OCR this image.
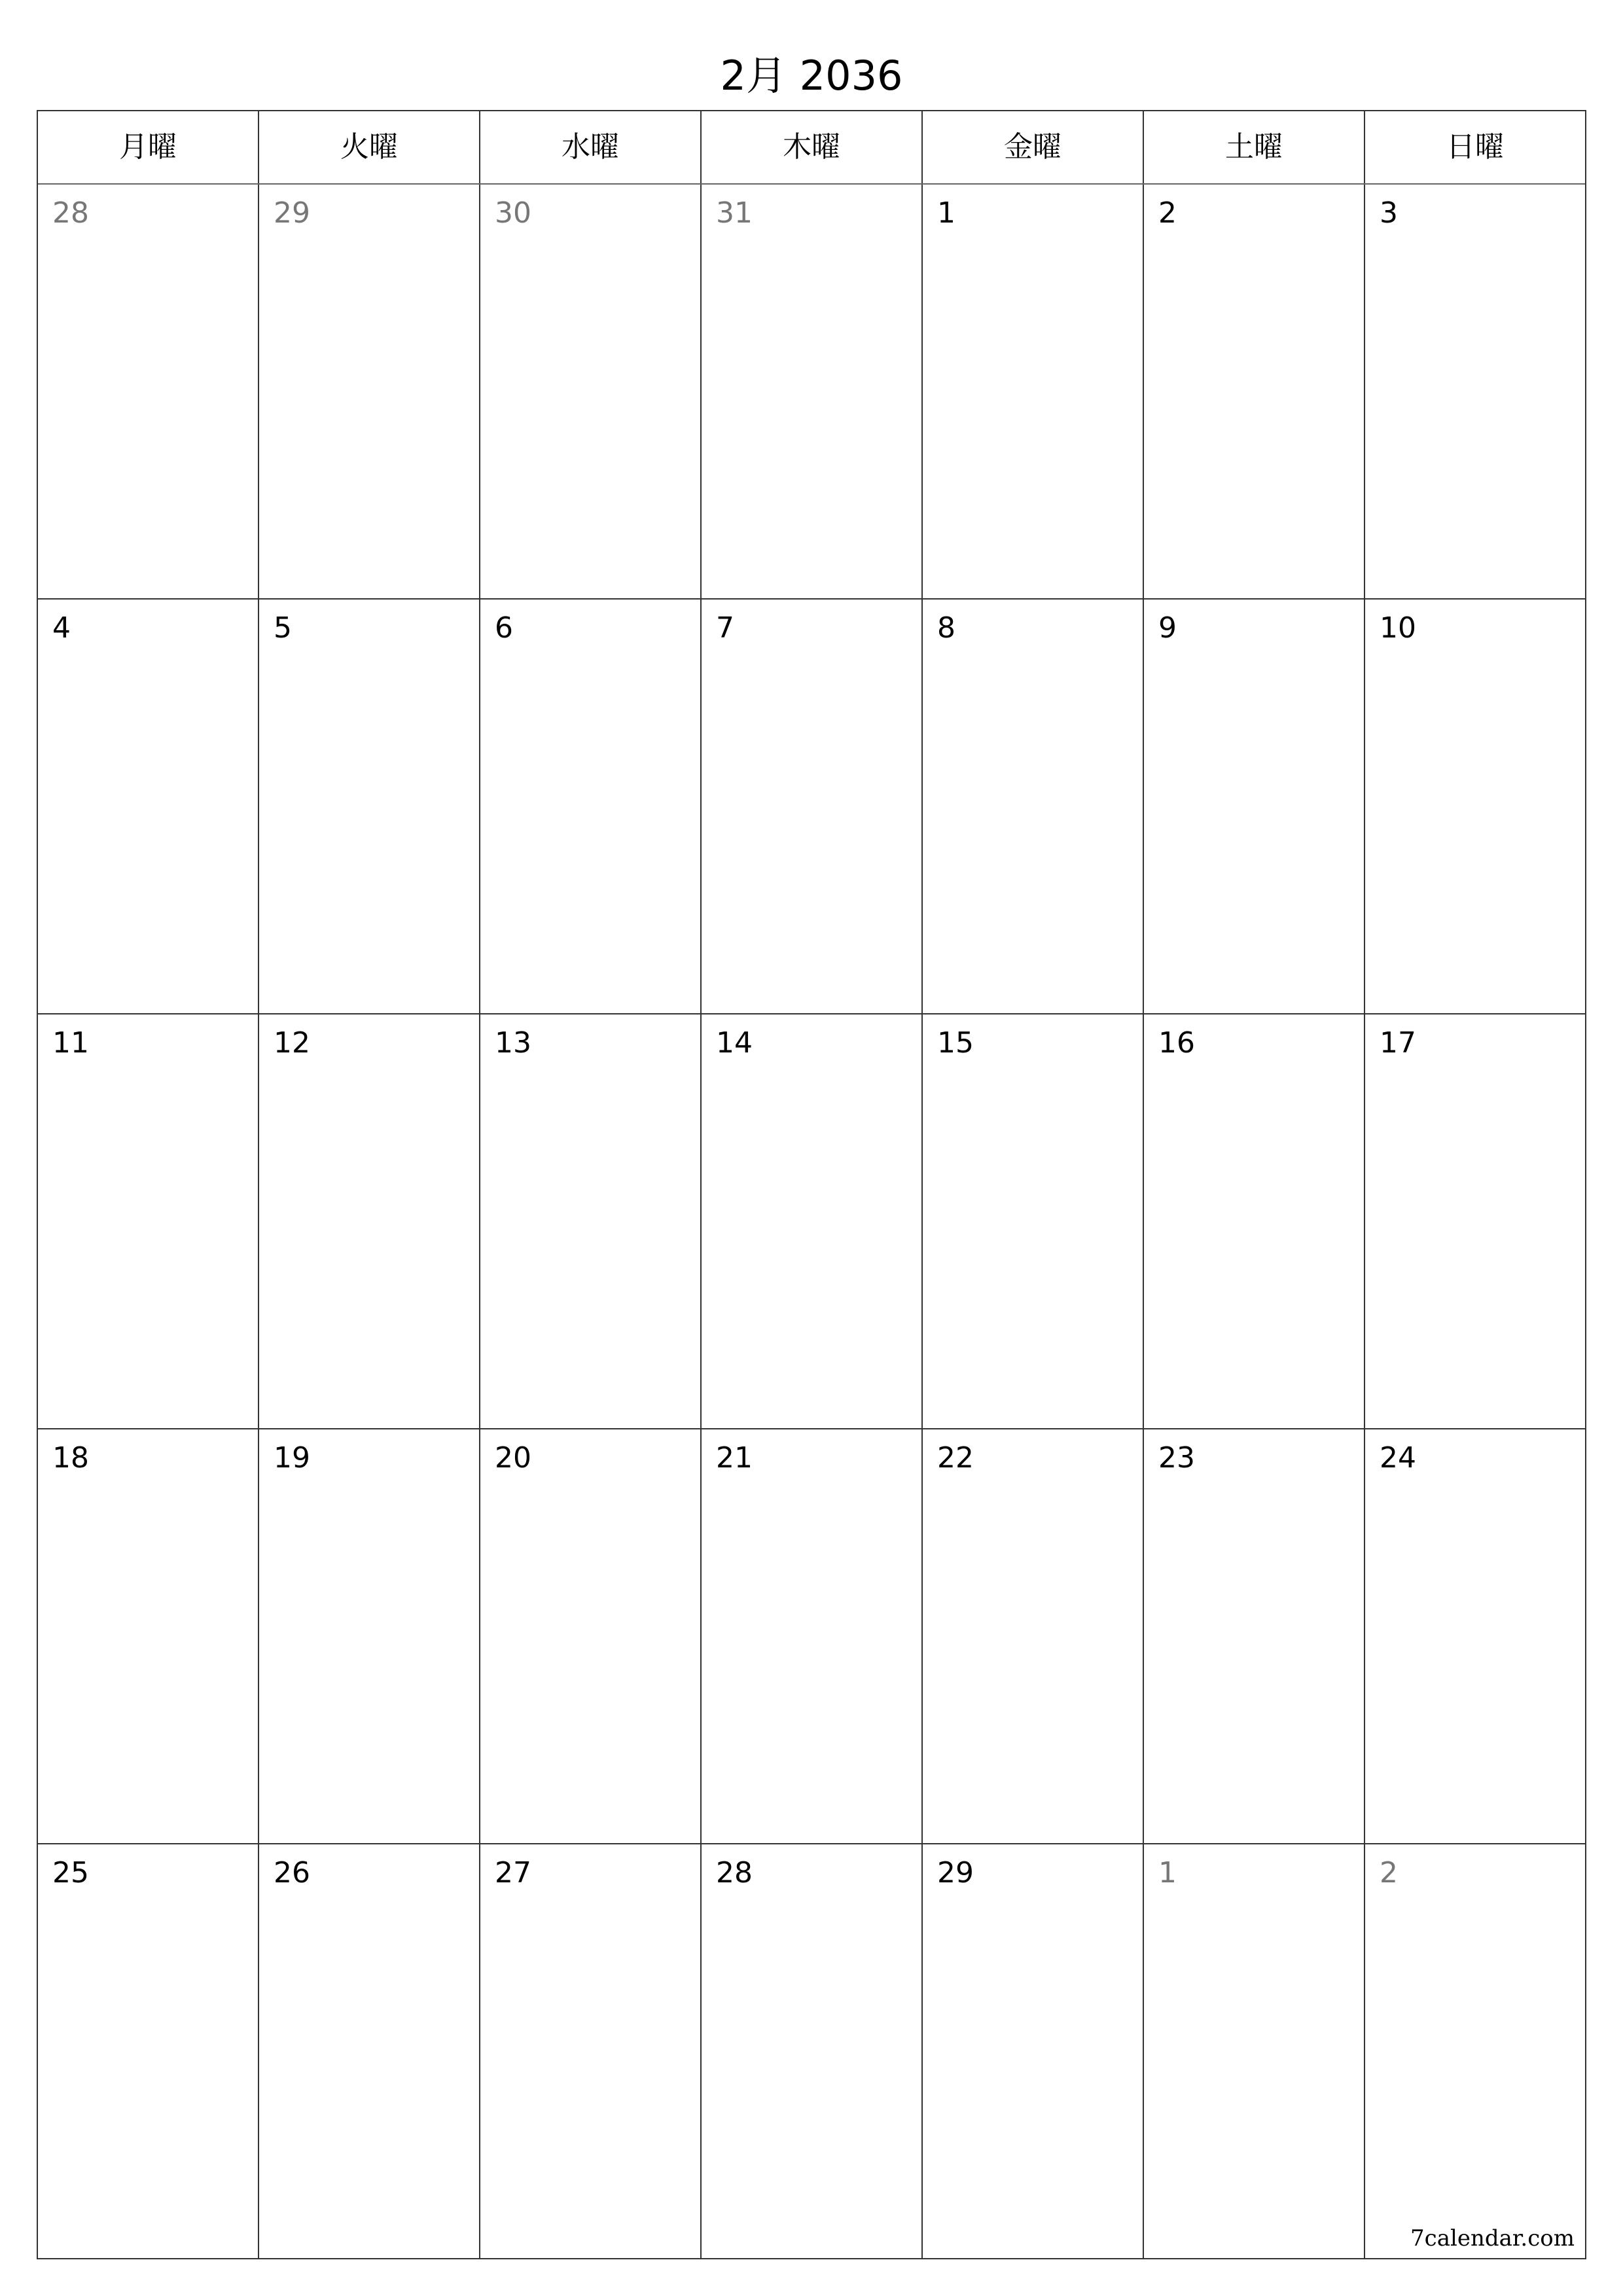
2月 2036
月曜	火曜	水曜	木曜	金曜	土曜	日曜
28	29	30	31	1	2	3
4	5	6	7	8	9	10
11	12	13	14	15	16	17
18	19	20	21	22	23	24
25	26	27	28	29	1	2
7calendar.com
